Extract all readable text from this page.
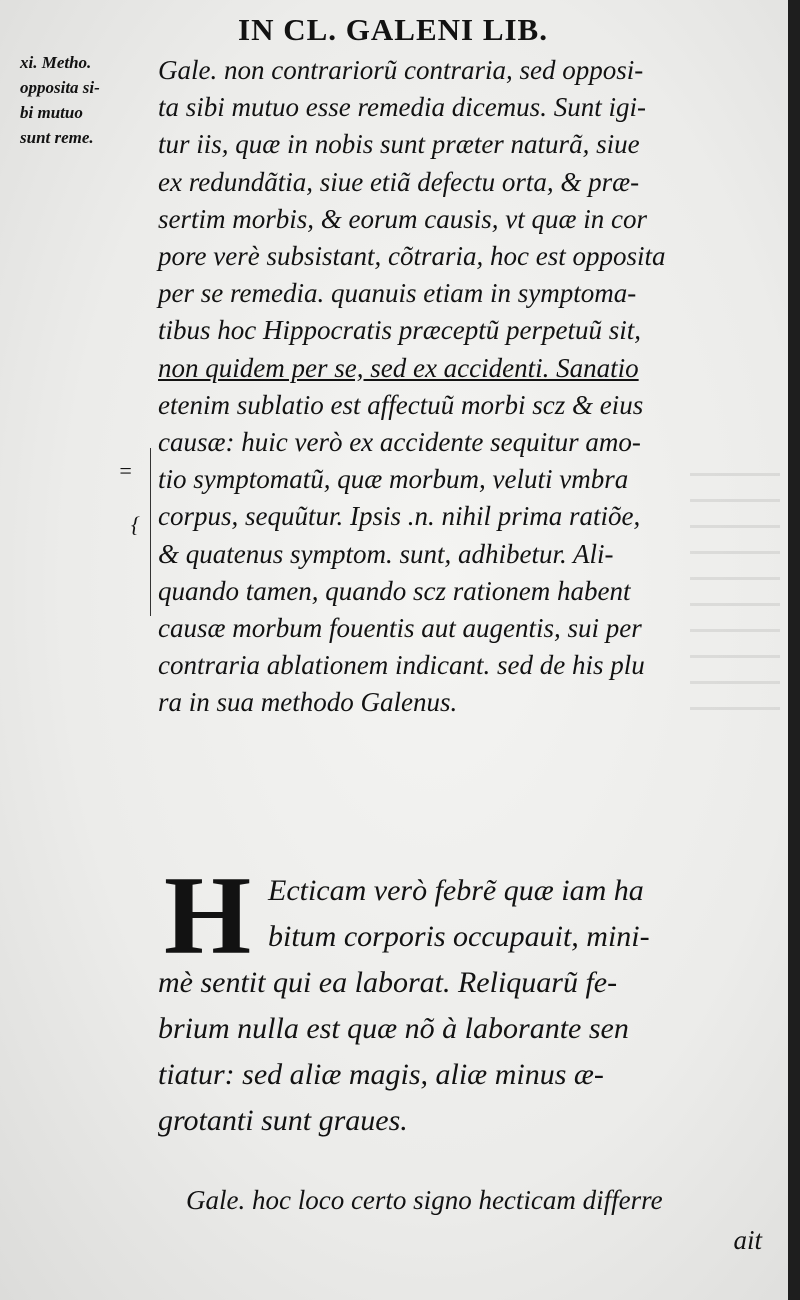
IN CL. GALENI LIB.
xi. Metho.
opposita si-
bi mutuo
sunt reme.
=
{
Gale. non contrariorũ contraria, sed opposi-
ta sibi mutuo esse remedia dicemus. Sunt igi-
tur iis, quæ in nobis sunt præter naturã, siue
ex redundãtia, siue etiã defectu orta, & præ-
sertim morbis, & eorum causis, vt quæ in cor
pore verè subsistant, cõtraria, hoc est opposita
per se remedia. quanuis etiam in symptoma-
tibus hoc Hippocratis præceptũ perpetuũ sit,
non quidem per se, sed ex accidenti. Sanatio
etenim sublatio est affectuũ morbi scz & eius
causæ: huic verò ex accidente sequitur amo-
tio symptomatũ, quæ morbum, veluti vmbra
corpus, sequũtur. Ipsis .n. nihil prima ratiõe,
& quatenus symptom. sunt, adhibetur. Ali-
quando tamen, quando scz rationem habent
causæ morbum fouentis aut augentis, sui per
contraria ablationem indicant. sed de his plu
ra in sua methodo Galenus.
H Ecticam verò febrẽ quæ iam ha
bitum corporis occupauit, mini-
mè sentit qui ea laborat. Reliquarũ fe-
brium nulla est quæ nõ à laborante sen
tiatur: sed aliæ magis, aliæ minus æ-
grotanti sunt graues.
Gale. hoc loco certo signo hecticam differre
ait
